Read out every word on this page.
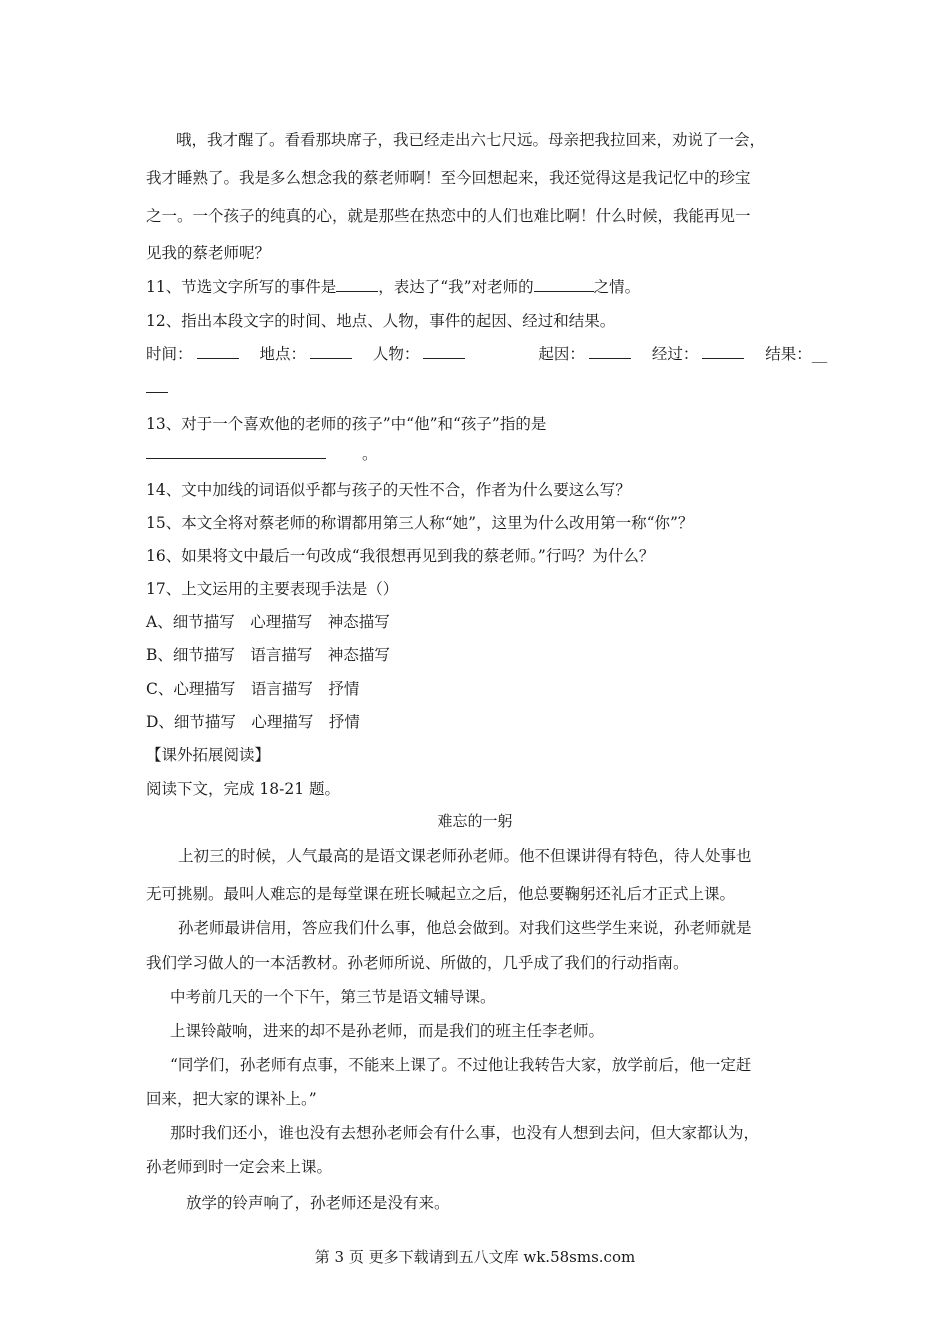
哦，我才醒了。看看那块席子，我已经走出六七尺远。母亲把我拉回来，劝说了一会，
我才睡熟了。我是多么想念我的蔡老师啊！至今回想起来，我还觉得这是我记忆中的珍宝
之一。一个孩子的纯真的心，就是那些在热恋中的人们也难比啊！什么时候，我能再见一
见我的蔡老师呢？
11、节选文字所写的事件是	，表达了“我”对老师的	之情。
12、指出本段文字的时间、地点、人物，事件的起因、经过和结果。
时间：	地点：	人物：	起因：	经过：	结果：__
13、对于一个喜欢他的老师的孩子”中“他”和“孩子”指的是
。
14、文中加线的词语似乎都与孩子的天性不合，作者为什么要这么写？
15、本文全将对蔡老师的称谓都用第三人称“她”，这里为什么改用第一称“你”？
16、如果将文中最后一句改成“我很想再见到我的蔡老师。”行吗？为什么？
17、上文运用的主要表现手法是（）
A、细节描写　心理描写　神态描写
B、细节描写　语言描写　神态描写
C、心理描写　语言描写　抒情
D、细节描写　心理描写　抒情
【课外拓展阅读】
阅读下文，完成 18-21 题。
难忘的一躬
上初三的时候，人气最高的是语文课老师孙老师。他不但课讲得有特色，待人处事也
无可挑剔。最叫人难忘的是每堂课在班长喊起立之后，他总要鞠躬还礼后才正式上课。
孙老师最讲信用，答应我们什么事，他总会做到。对我们这些学生来说，孙老师就是
我们学习做人的一本活教材。孙老师所说、所做的，几乎成了我们的行动指南。
中考前几天的一个下午，第三节是语文辅导课。
上课铃敲响，进来的却不是孙老师，而是我们的班主任李老师。
“同学们，孙老师有点事，不能来上课了。不过他让我转告大家，放学前后，他一定赶
回来，把大家的课补上。”
那时我们还小，谁也没有去想孙老师会有什么事，也没有人想到去问，但大家都认为，
孙老师到时一定会来上课。
放学的铃声响了，孙老师还是没有来。
第 3 页 更多下载请到五八文库 wk.58sms.com
